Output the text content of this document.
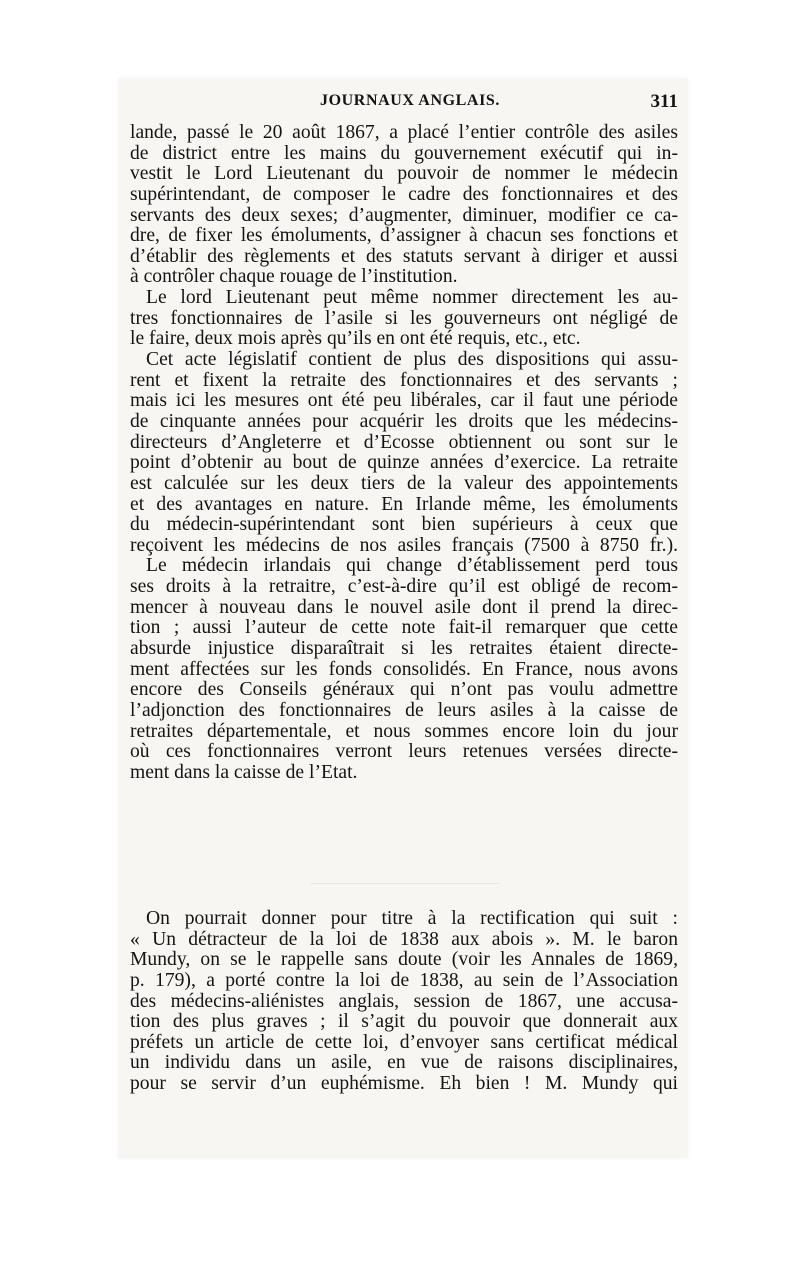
JOURNAUX ANGLAIS.	311
lande, passé le 20 août 1867, a placé l’entier contrôle des asiles
de district entre les mains du gouvernement exécutif qui in-
vestit le Lord Lieutenant du pouvoir de nommer le médecin
supérintendant, de composer le cadre des fonctionnaires et des
servants des deux sexes; d’augmenter, diminuer, modifier ce ca-
dre, de fixer les émoluments, d’assigner à chacun ses fonctions et
d’établir des règlements et des statuts servant à diriger et aussi
à contrôler chaque rouage de l’institution.
Le lord Lieutenant peut même nommer directement les au-
tres fonctionnaires de l’asile si les gouverneurs ont négligé de
le faire, deux mois après qu’ils en ont été requis, etc., etc.
Cet acte législatif contient de plus des dispositions qui assu-
rent et fixent la retraite des fonctionnaires et des servants ;
mais ici les mesures ont été peu libérales, car il faut une période
de cinquante années pour acquérir les droits que les médecins-
directeurs d’Angleterre et d’Ecosse obtiennent ou sont sur le
point d’obtenir au bout de quinze années d’exercice. La retraite
est calculée sur les deux tiers de la valeur des appointements
et des avantages en nature. En Irlande même, les émoluments
du médecin-supérintendant sont bien supérieurs à ceux que
reçoivent les médecins de nos asiles français (7500 à 8750 fr.).
Le médecin irlandais qui change d’établissement perd tous
ses droits à la retraitre, c’est-à-dire qu’il est obligé de recom-
mencer à nouveau dans le nouvel asile dont il prend la direc-
tion ; aussi l’auteur de cette note fait-il remarquer que cette
absurde injustice disparaîtrait si les retraites étaient directe-
ment affectées sur les fonds consolidés. En France, nous avons
encore des Conseils généraux qui n’ont pas voulu admettre
l’adjonction des fonctionnaires de leurs asiles à la caisse de
retraites départementale, et nous sommes encore loin du jour
où ces fonctionnaires verront leurs retenues versées directe-
ment dans la caisse de l’Etat.
On pourrait donner pour titre à la rectification qui suit :
« Un détracteur de la loi de 1838 aux abois ». M. le baron
Mundy, on se le rappelle sans doute (voir les Annales de 1869,
p. 179), a porté contre la loi de 1838, au sein de l’Association
des médecins-aliénistes anglais, session de 1867, une accusa-
tion des plus graves ; il s’agit du pouvoir que donnerait aux
préfets un article de cette loi, d’envoyer sans certificat médical
un individu dans un asile, en vue de raisons disciplinaires,
pour se servir d’un euphémisme. Eh bien ! M. Mundy qui
